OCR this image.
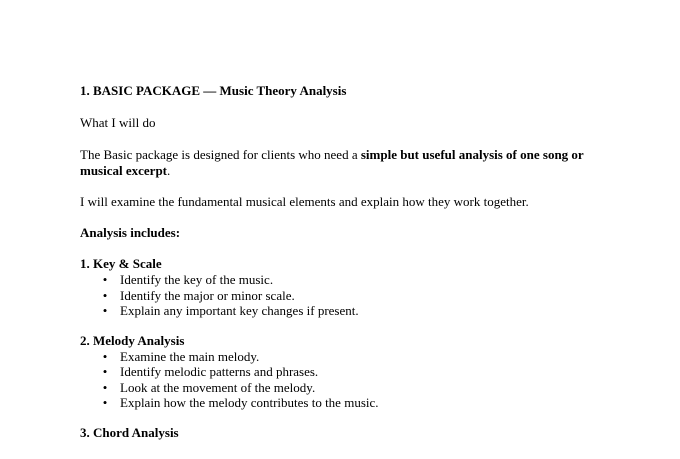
1. BASIC PACKAGE — Music Theory Analysis

What I will do

The Basic package is designed for clients who need a simple but useful analysis of one song or musical excerpt.

I will examine the fundamental musical elements and explain how they work together.

Analysis includes:

1. Key & Scale

• Identify the key of the music.
• Identify the major or minor scale.
• Explain any important key changes if present.

2. Melody Analysis

• Examine the main melody.
• Identify melodic patterns and phrases.
• Look at the movement of the melody.
• Explain how the melody contributes to the music.

3. Chord Analysis
